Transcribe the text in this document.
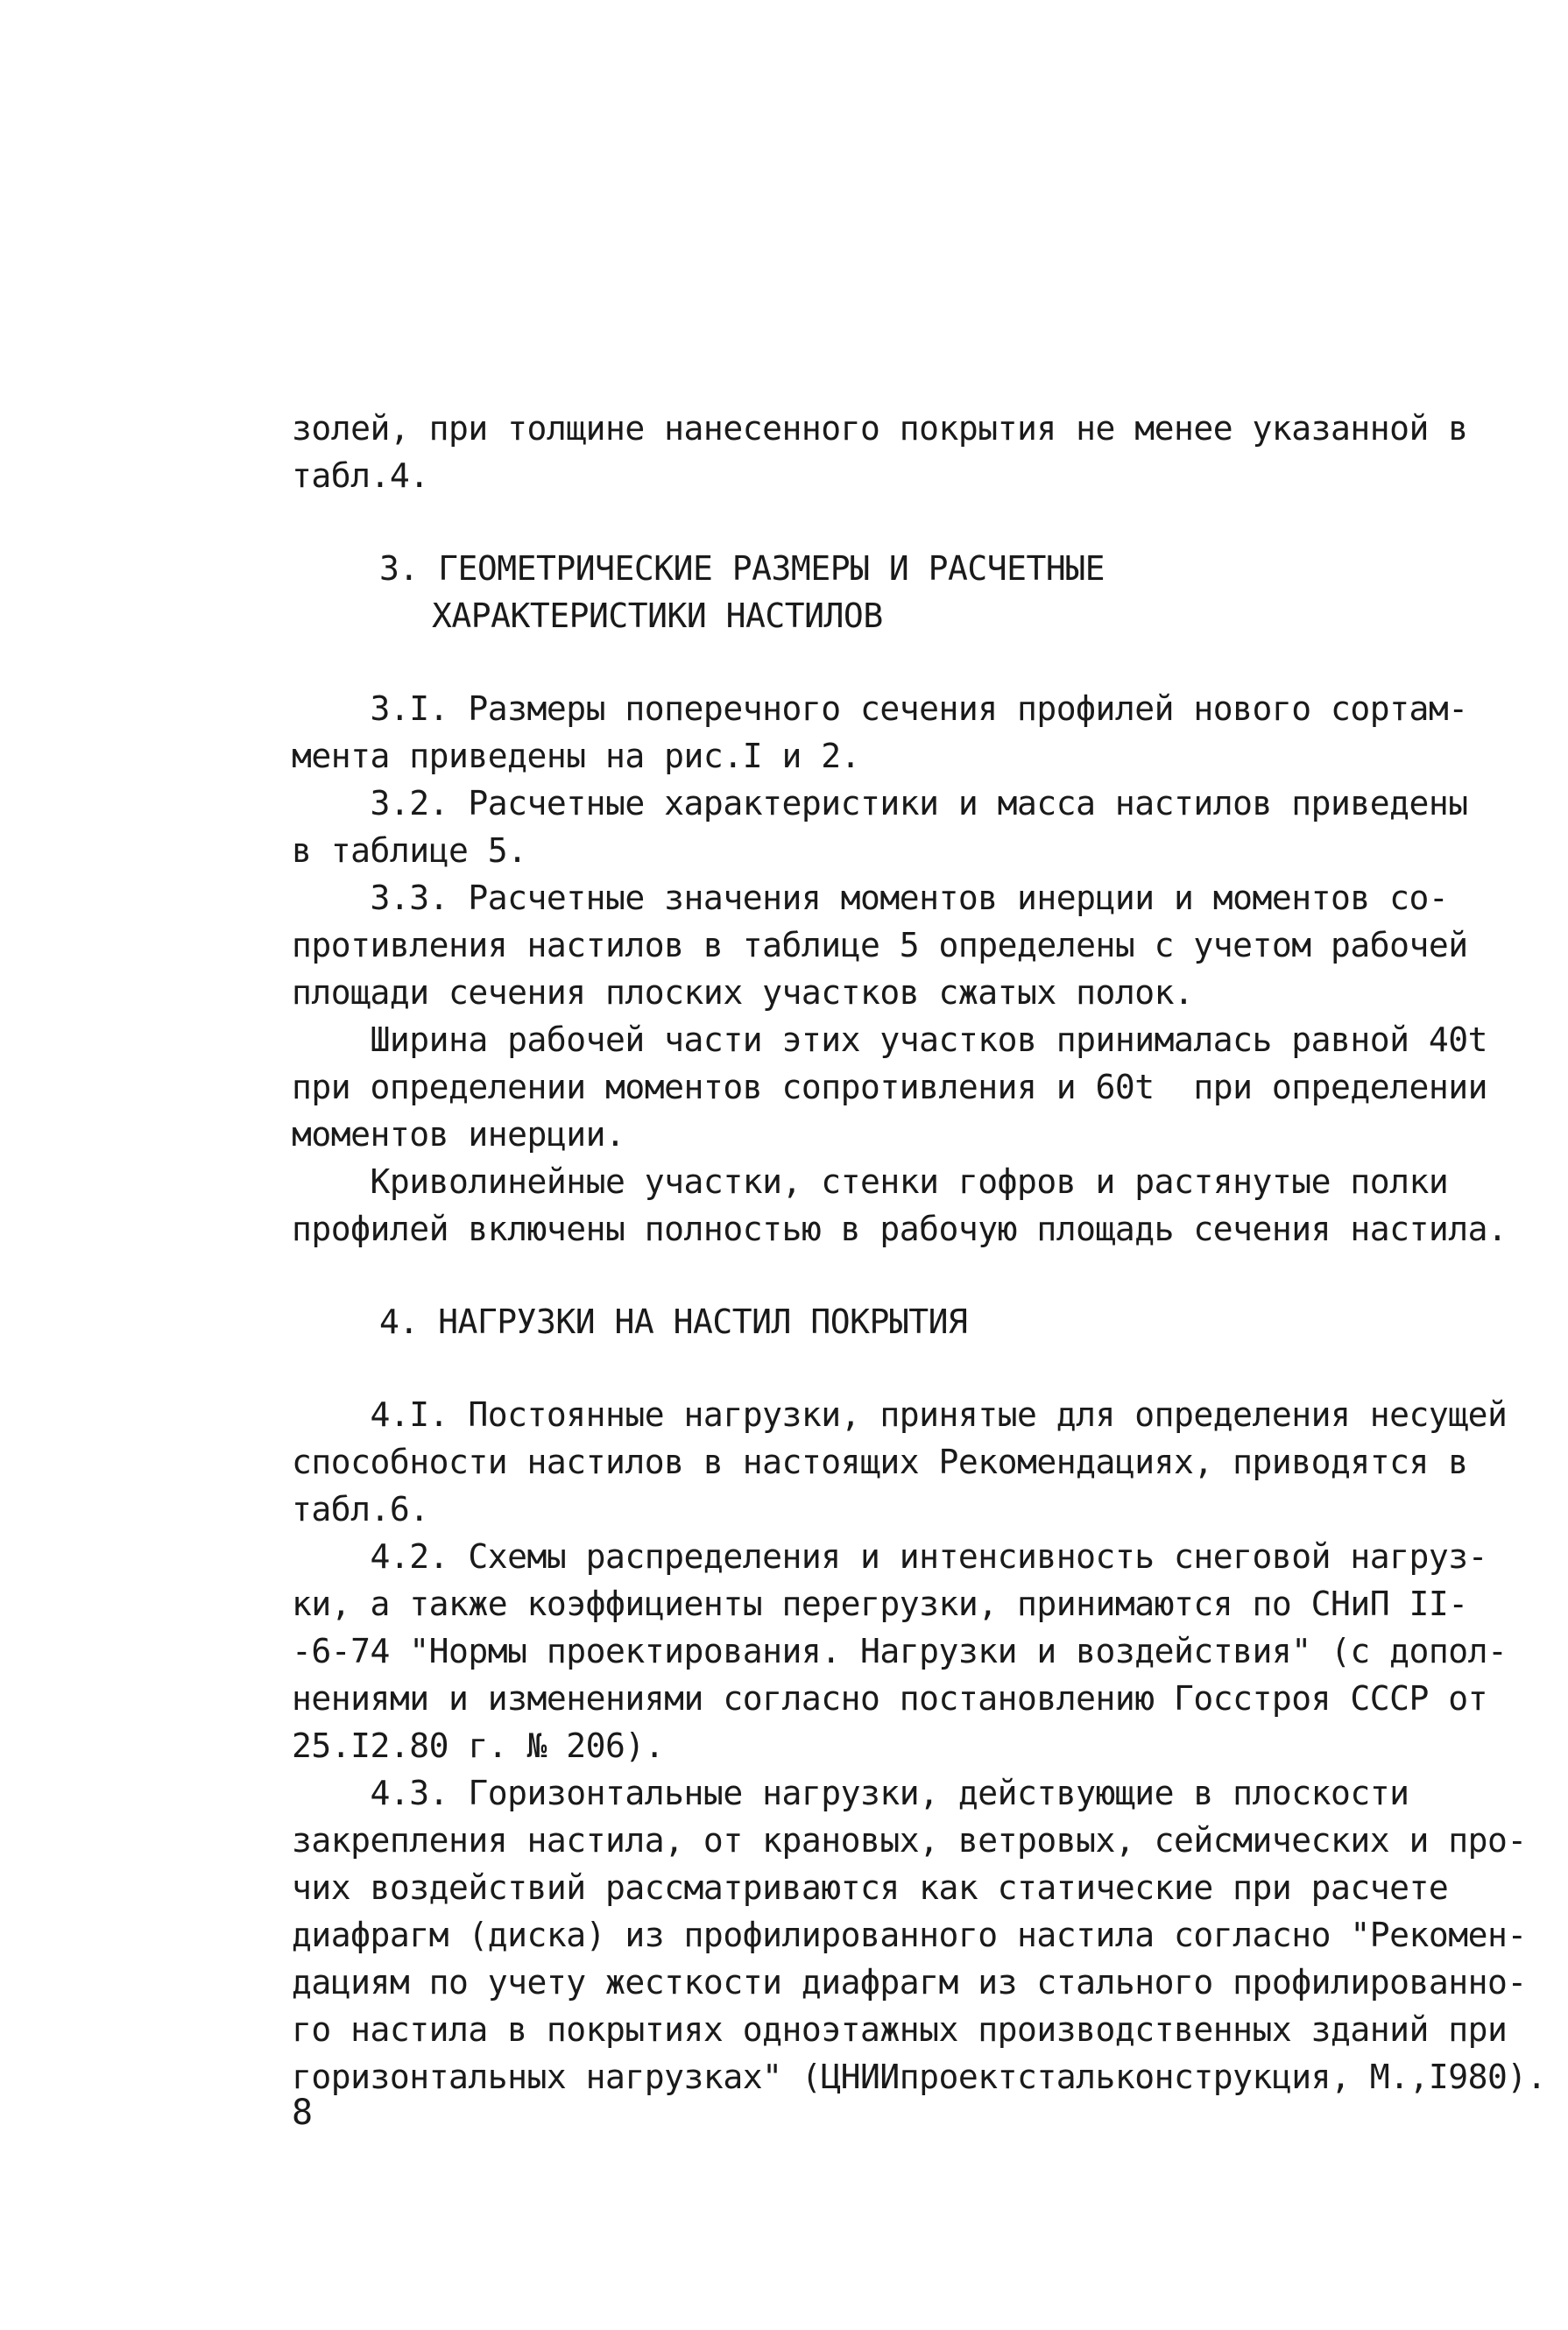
золей, при толщине нанесенного покрытия не менее указанной в
табл.4.
3. ГЕОМЕТРИЧЕСКИЕ РАЗМЕРЫ И РАСЧЕТНЫЕ
ХАРАКТЕРИСТИКИ НАСТИЛОВ
3.I. Размеры поперечного сечения профилей нового сортам-
мента приведены на рис.I и 2.
3.2. Расчетные характеристики и масса настилов приведены
в таблице 5.
3.3. Расчетные значения моментов инерции и моментов со-
противления настилов в таблице 5 определены с учетом рабочей
площади сечения плоских участков сжатых полок.
Ширина рабочей части этих участков принималась равной 40t
при определении моментов сопротивления и 60t  при определении
моментов инерции.
Криволинейные участки, стенки гофров и растянутые полки
профилей включены полностью в рабочую площадь сечения настила.
4. НАГРУЗКИ НА НАСТИЛ ПОКРЫТИЯ
4.I. Постоянные нагрузки, принятые для определения несущей
способности настилов в настоящих Рекомендациях, приводятся в
табл.6.
4.2. Схемы распределения и интенсивность снеговой нагруз-
ки, а также коэффициенты перегрузки, принимаются по СНиП II-
-6-74 "Нормы проектирования. Нагрузки и воздействия" (с допол-
нениями и изменениями согласно постановлению Госстроя СССР от
25.I2.80 г. № 206).
4.3. Горизонтальные нагрузки, действующие в плоскости
закрепления настила, от крановых, ветровых, сейсмических и про-
чих воздействий рассматриваются как статические при расчете
диафрагм (диска) из профилированного настила согласно "Рекомен-
дациям по учету жесткости диафрагм из стального профилированно-
го настила в покрытиях одноэтажных производственных зданий при
горизонтальных нагрузках" (ЦНИИпроектстальконструкция, М.,I980).
8
